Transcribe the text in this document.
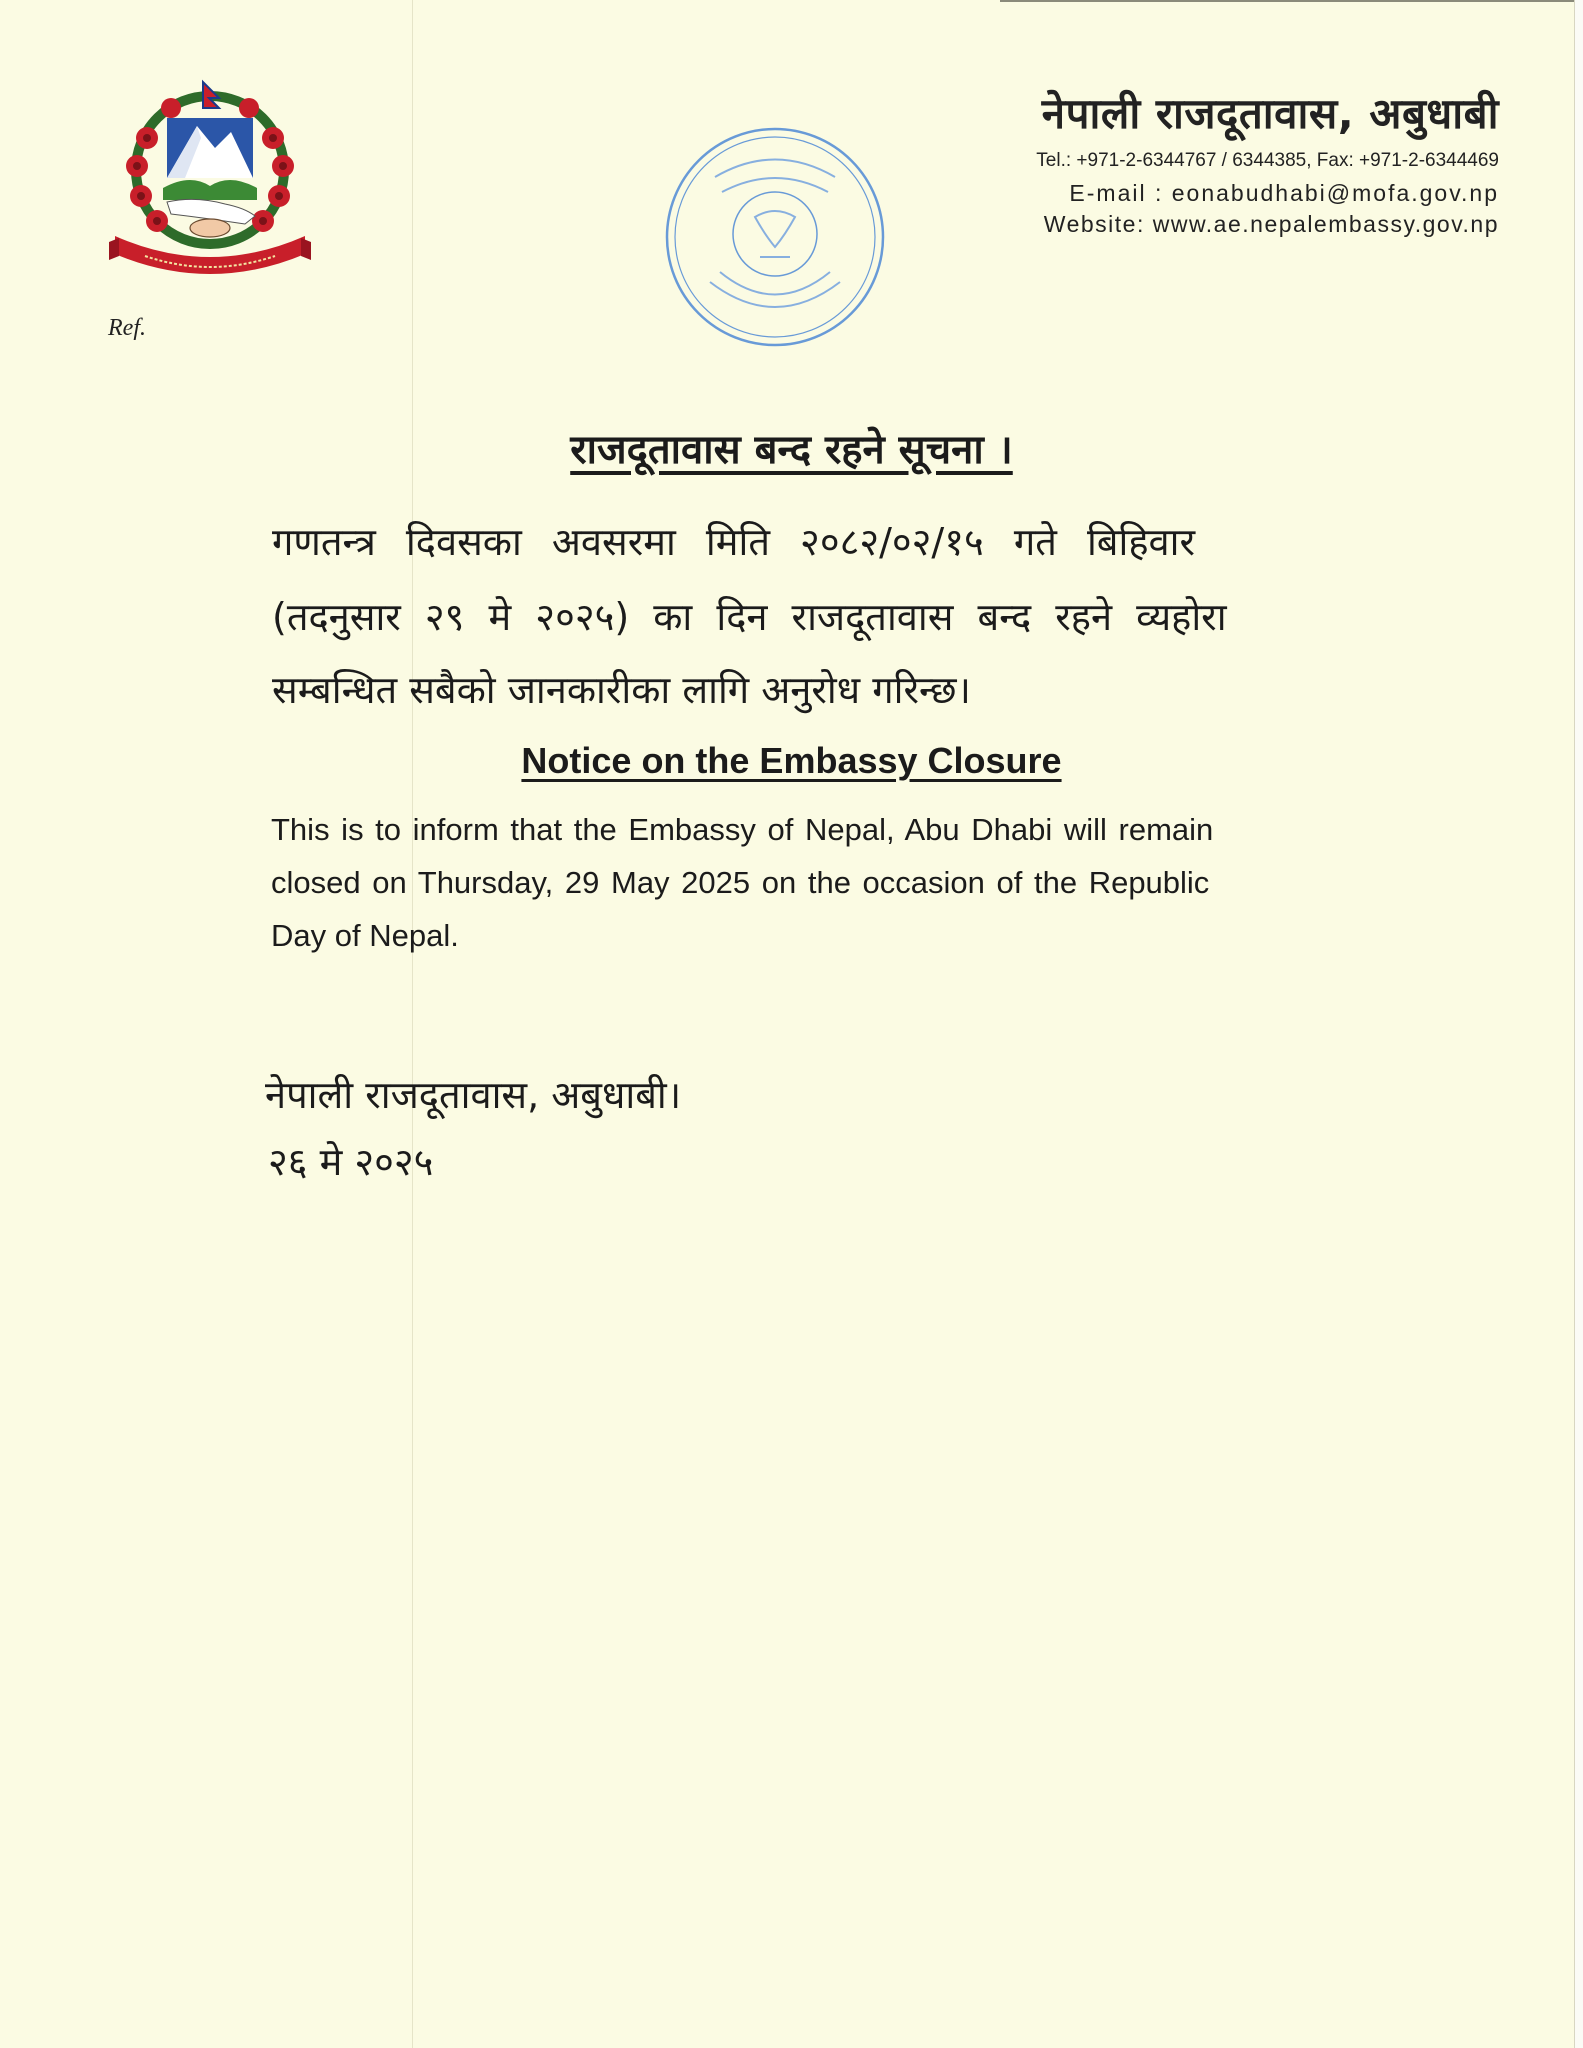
Ref.
नेपाली राजदूतावास, अबुधाबी
Tel.: +971-2-6344767 / 6344385, Fax: +971-2-6344469
E-mail : eonabudhabi@mofa.gov.np
Website: www.ae.nepalembassy.gov.np
राजदूतावास बन्द रहने सूचना ।
गणतन्त्र दिवसका अवसरमा मिति २०८२/०२/१५ गते बिहिवार
(तदनुसार २९ मे २०२५) का दिन राजदूतावास बन्द रहने व्यहोरा
सम्बन्धित सबैको जानकारीका लागि अनुरोध गरिन्छ।
Notice on the Embassy Closure
This is to inform that the Embassy of Nepal, Abu Dhabi will remain
closed on Thursday, 29 May 2025 on the occasion of the Republic
Day of Nepal.
नेपाली राजदूतावास, अबुधाबी।
२६ मे २०२५
